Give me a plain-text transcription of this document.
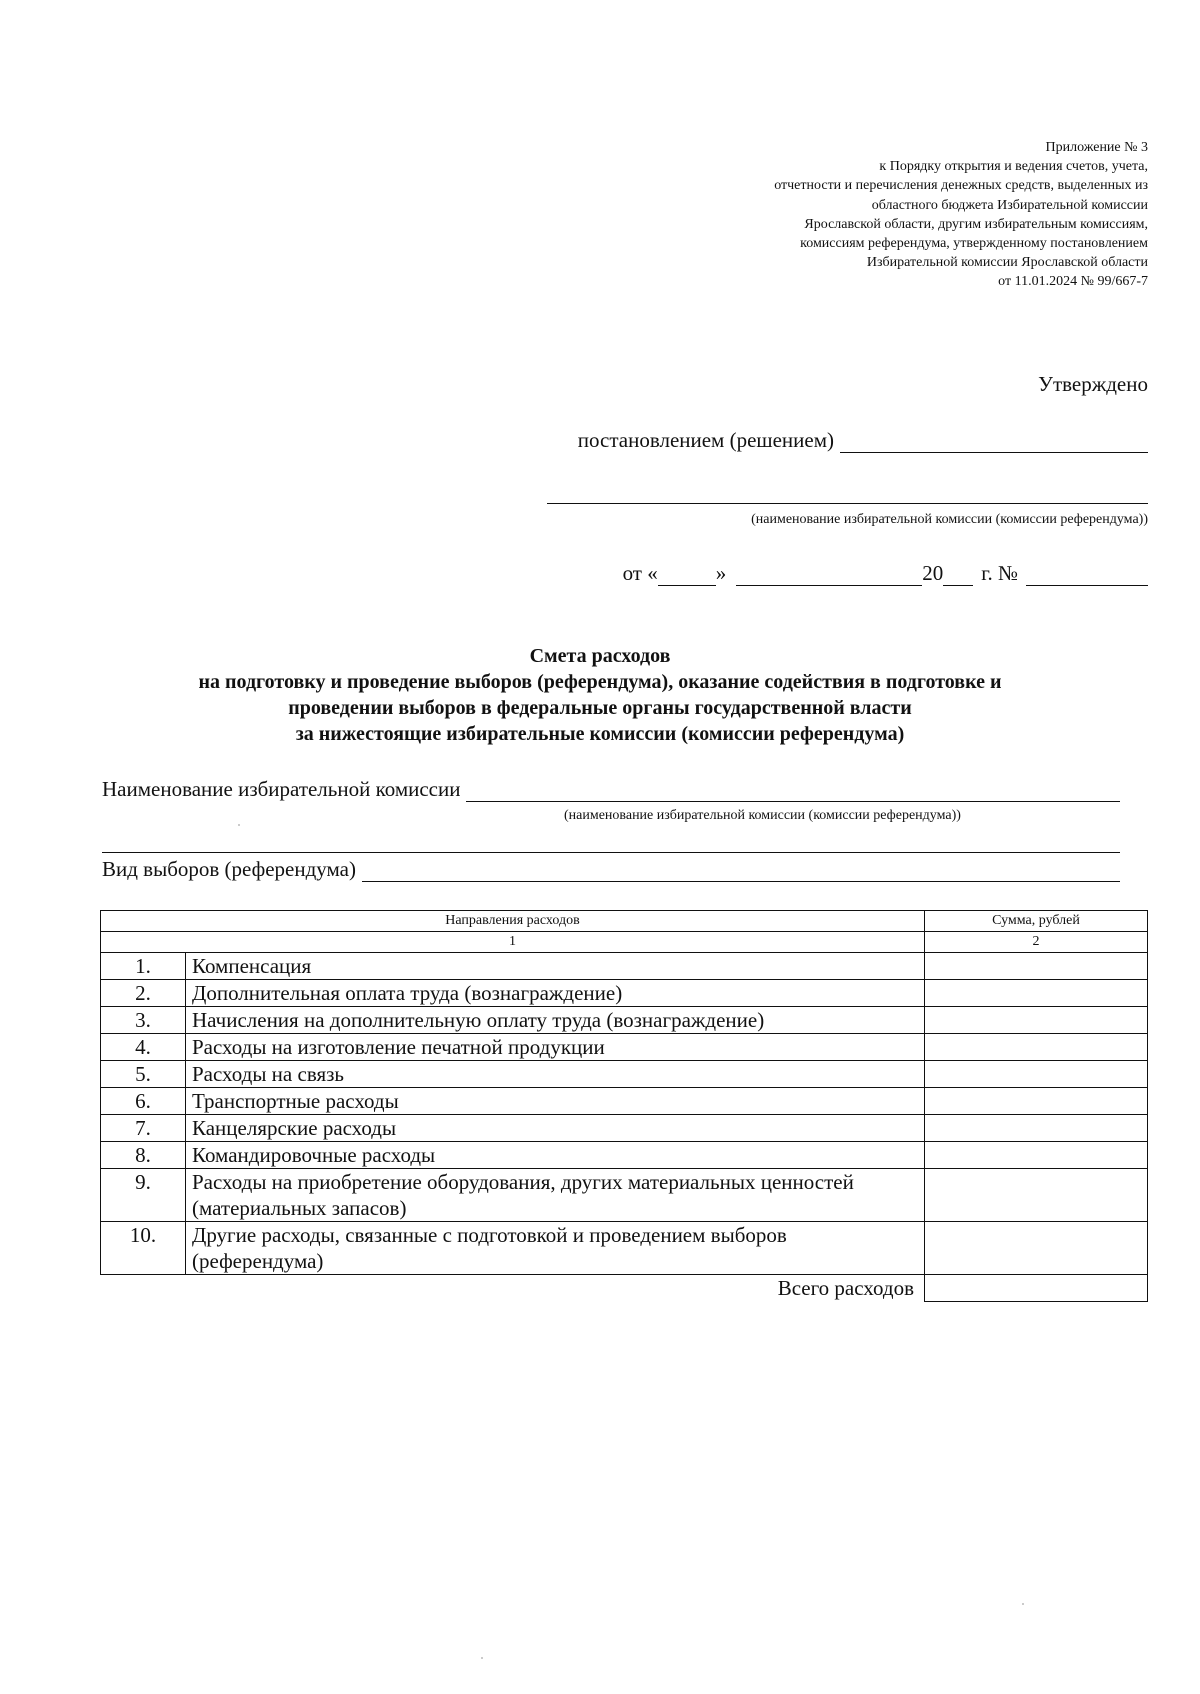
Приложение № 3
к Порядку открытия и ведения счетов, учета,
отчетности и перечисления денежных средств, выделенных из
областного бюджета Избирательной комиссии
Ярославской области, другим избирательным комиссиям,
комиссиям референдума, утвержденному постановлением
Избирательной комиссии Ярославской области
от 11.01.2024 № 99/667-7
Утверждено
постановлением (решением)
(наименование избирательной комиссии (комиссии референдума))
от «	»	20 г. №
Смета расходов
на подготовку и проведение выборов (референдума), оказание содействия в подготовке и
проведении выборов в федеральные органы государственной власти
за нижестоящие избирательные комиссии (комиссии референдума)
Наименование избирательной комиссии
(наименование избирательной комиссии (комиссии референдума))
Вид выборов (референдума)
Направления расходов		Сумма, рублей
1		2
1.	Компенсация	
2.	Дополнительная оплата труда (вознаграждение)	
3.	Начисления на дополнительную оплату труда (вознаграждение)	
4.	Расходы на изготовление печатной продукции	
5.	Расходы на связь	
6.	Транспортные расходы	
7.	Канцелярские расходы	
8.	Командировочные расходы	
9.	Расходы на приобретение оборудования, других материальных ценностей (материальных запасов)	
10.	Другие расходы, связанные с подготовкой и проведением выборов (референдума)	
Всего расходов		
